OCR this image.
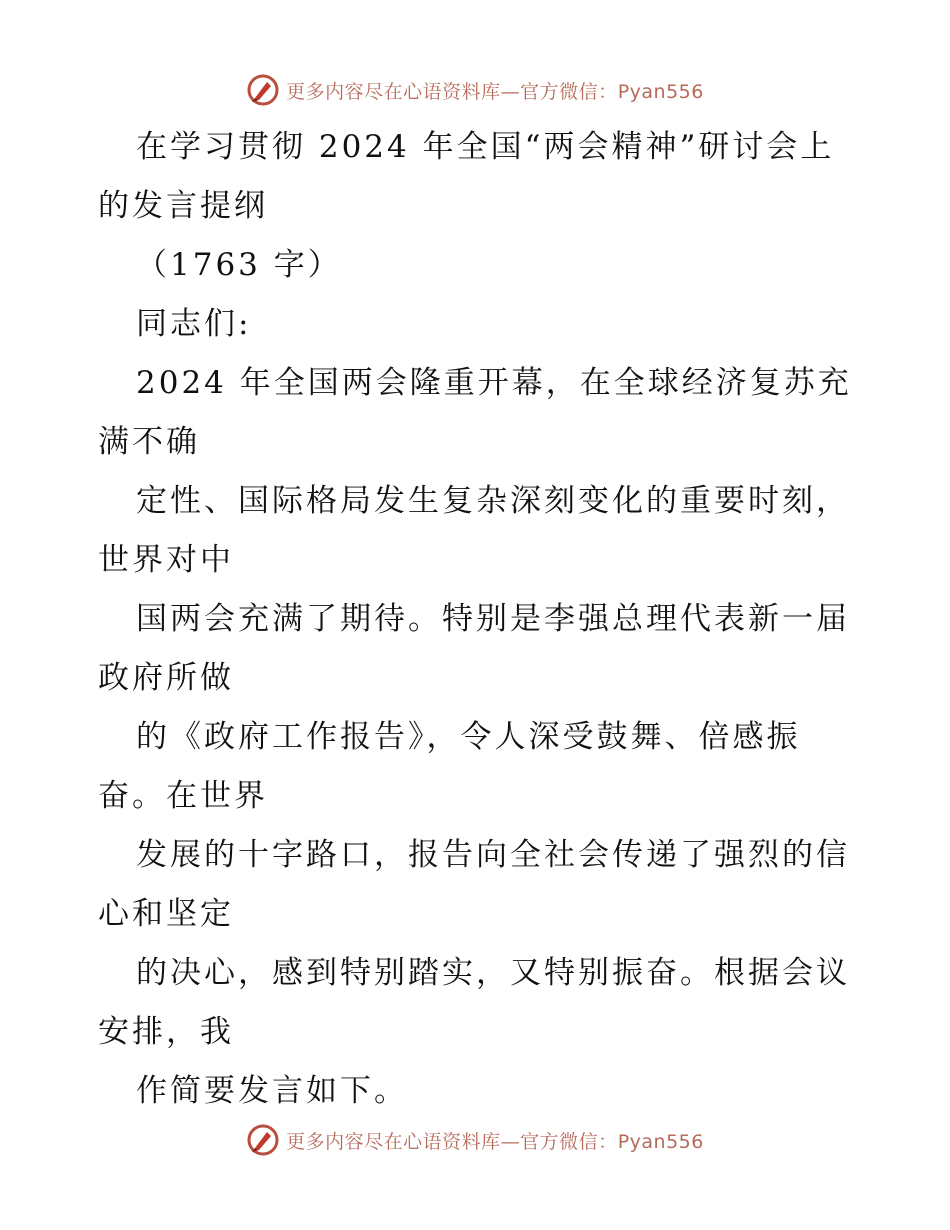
更多内容尽在心语资料库—官方微信：Pyan556
在学习贯彻 2024 年全国“两会精神”研讨会上
的发言提纲
（1763 字）
同志们:
2024 年全国两会隆重开幕，在全球经济复苏充
满不确
定性、国际格局发生复杂深刻变化的重要时刻，
世界对中
国两会充满了期待。特别是李强总理代表新一届
政府所做
的《政府工作报告》，令人深受鼓舞、倍感振
奋。在世界
发展的十字路口，报告向全社会传递了强烈的信
心和坚定
的决心，感到特别踏实，又特别振奋。根据会议
安排，我
作简要发言如下。
更多内容尽在心语资料库—官方微信：Pyan556
